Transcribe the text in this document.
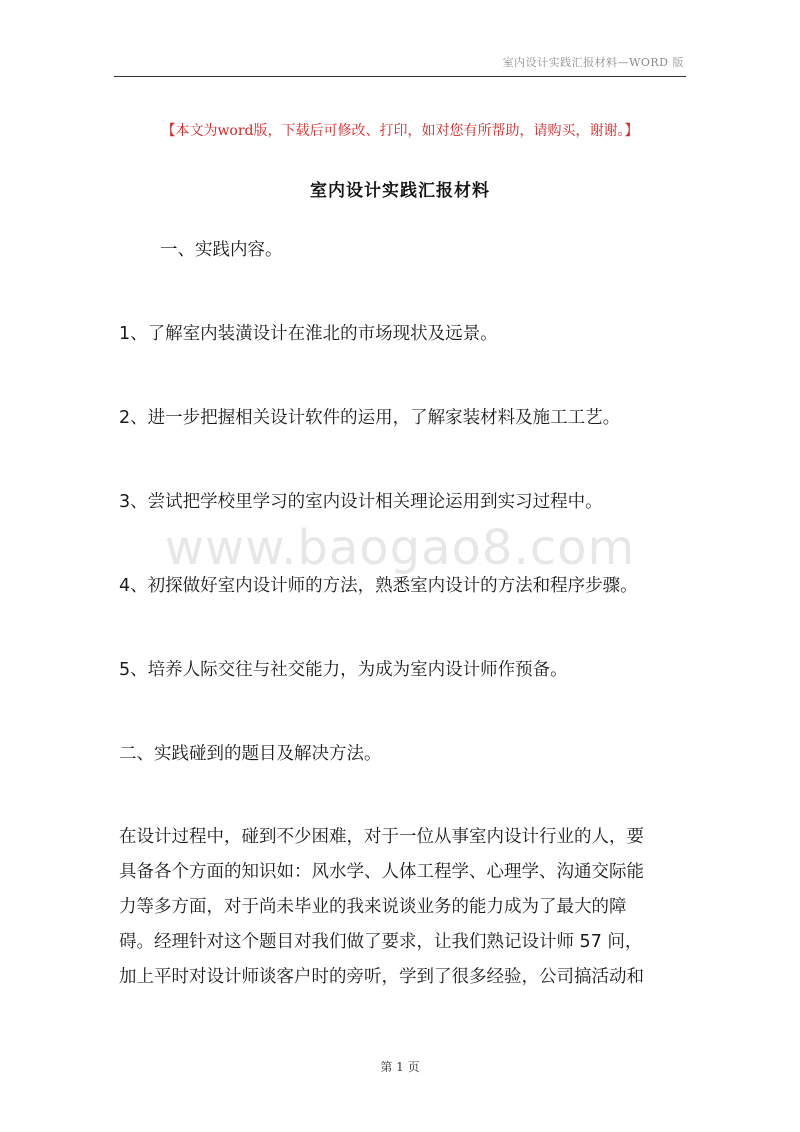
室内设计实践汇报材料—WORD 版
【本文为word版，下载后可修改、打印，如对您有所帮助，请购买，谢谢。】
室内设计实践汇报材料
一、实践内容。
1、了解室内装潢设计在淮北的市场现状及远景。
2、进一步把握相关设计软件的运用，了解家装材料及施工工艺。
3、尝试把学校里学习的室内设计相关理论运用到实习过程中。
4、初探做好室内设计师的方法，熟悉室内设计的方法和程序步骤。
5、培养人际交往与社交能力，为成为室内设计师作预备。
二、实践碰到的题目及解决方法。
在设计过程中，碰到不少困难，对于一位从事室内设计行业的人，要
具备各个方面的知识如：风水学、人体工程学、心理学、沟通交际能
力等多方面，对于尚未毕业的我来说谈业务的能力成为了最大的障
碍。经理针对这个题目对我们做了要求，让我们熟记设计师 57 问，
加上平时对设计师谈客户时的旁听，学到了很多经验，公司搞活动和
www.baogao8.com
第 1 页
